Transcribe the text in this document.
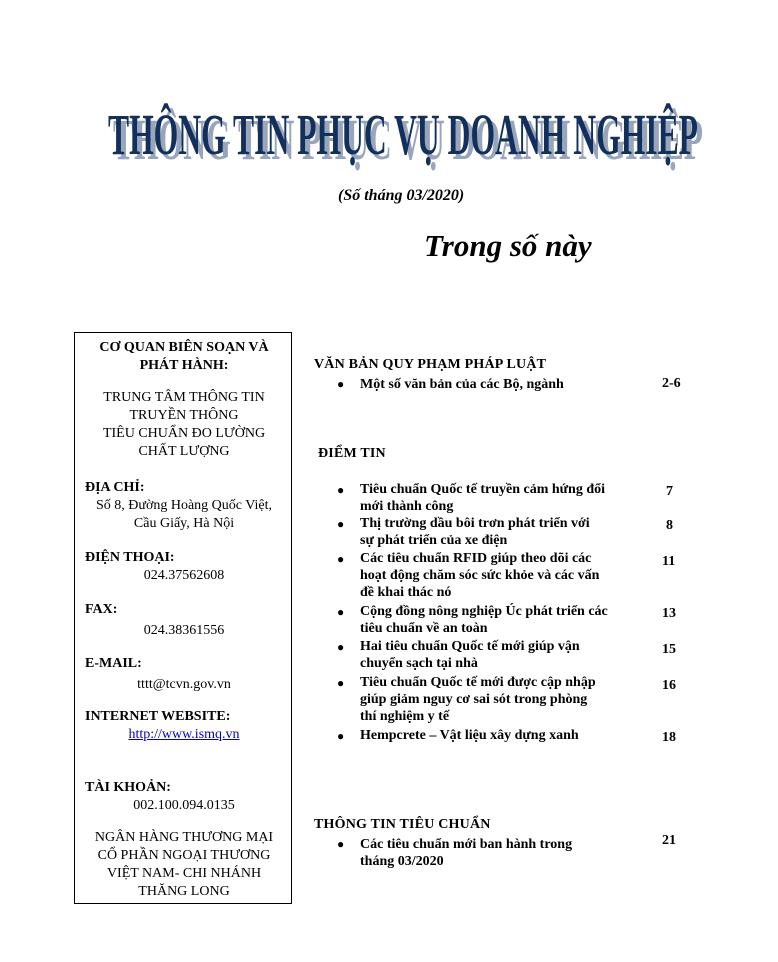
THÔNG TIN PHỤC VỤ DOANH NGHIỆP
THÔNG TIN PHỤC VỤ DOANH NGHIỆP
(Số tháng 03/2020)
Trong số này
CƠ QUAN BIÊN SOẠN VÀ
PHÁT HÀNH:
TRUNG TÂM THÔNG TIN
TRUYỀN THÔNG
TIÊU CHUẨN ĐO LƯỜNG
CHẤT LƯỢNG
ĐỊA CHỈ:
Số 8, Đường Hoàng Quốc Việt,
Cầu Giấy, Hà Nội
ĐIỆN THOẠI:
024.37562608
FAX:
024.38361556
E-MAIL:
tttt@tcvn.gov.vn
INTERNET WEBSITE:
http://www.ismq.vn
TÀI KHOẢN:
002.100.094.0135
NGÂN HÀNG THƯƠNG MẠI
CỔ PHẦN NGOẠI THƯƠNG
VIỆT NAM- CHI NHÁNH
THĂNG LONG
VĂN BẢN QUY PHẠM PHÁP LUẬT
● Một số văn bản của các Bộ, ngành	2-6
ĐIỂM TIN
● Tiêu chuẩn Quốc tế truyền cảm hứng đổi
mới thành công
7
● Thị trường dầu bôi trơn phát triển với
sự phát triển của xe điện
8
● Các tiêu chuẩn RFID giúp theo dõi các
hoạt động chăm sóc sức khỏe và các vấn
đề khai thác nó
11
● Cộng đồng nông nghiệp Úc phát triển các
tiêu chuẩn về an toàn
13
● Hai tiêu chuẩn Quốc tế mới giúp vận
chuyển sạch tại nhà
15
● Tiêu chuẩn Quốc tế mới được cập nhập
giúp giảm nguy cơ sai sót trong phòng
thí nghiệm y tế
16
● Hempcrete – Vật liệu xây dựng xanh	18
THÔNG TIN TIÊU CHUẨN
● Các tiêu chuẩn mới ban hành trong
tháng 03/2020
21
